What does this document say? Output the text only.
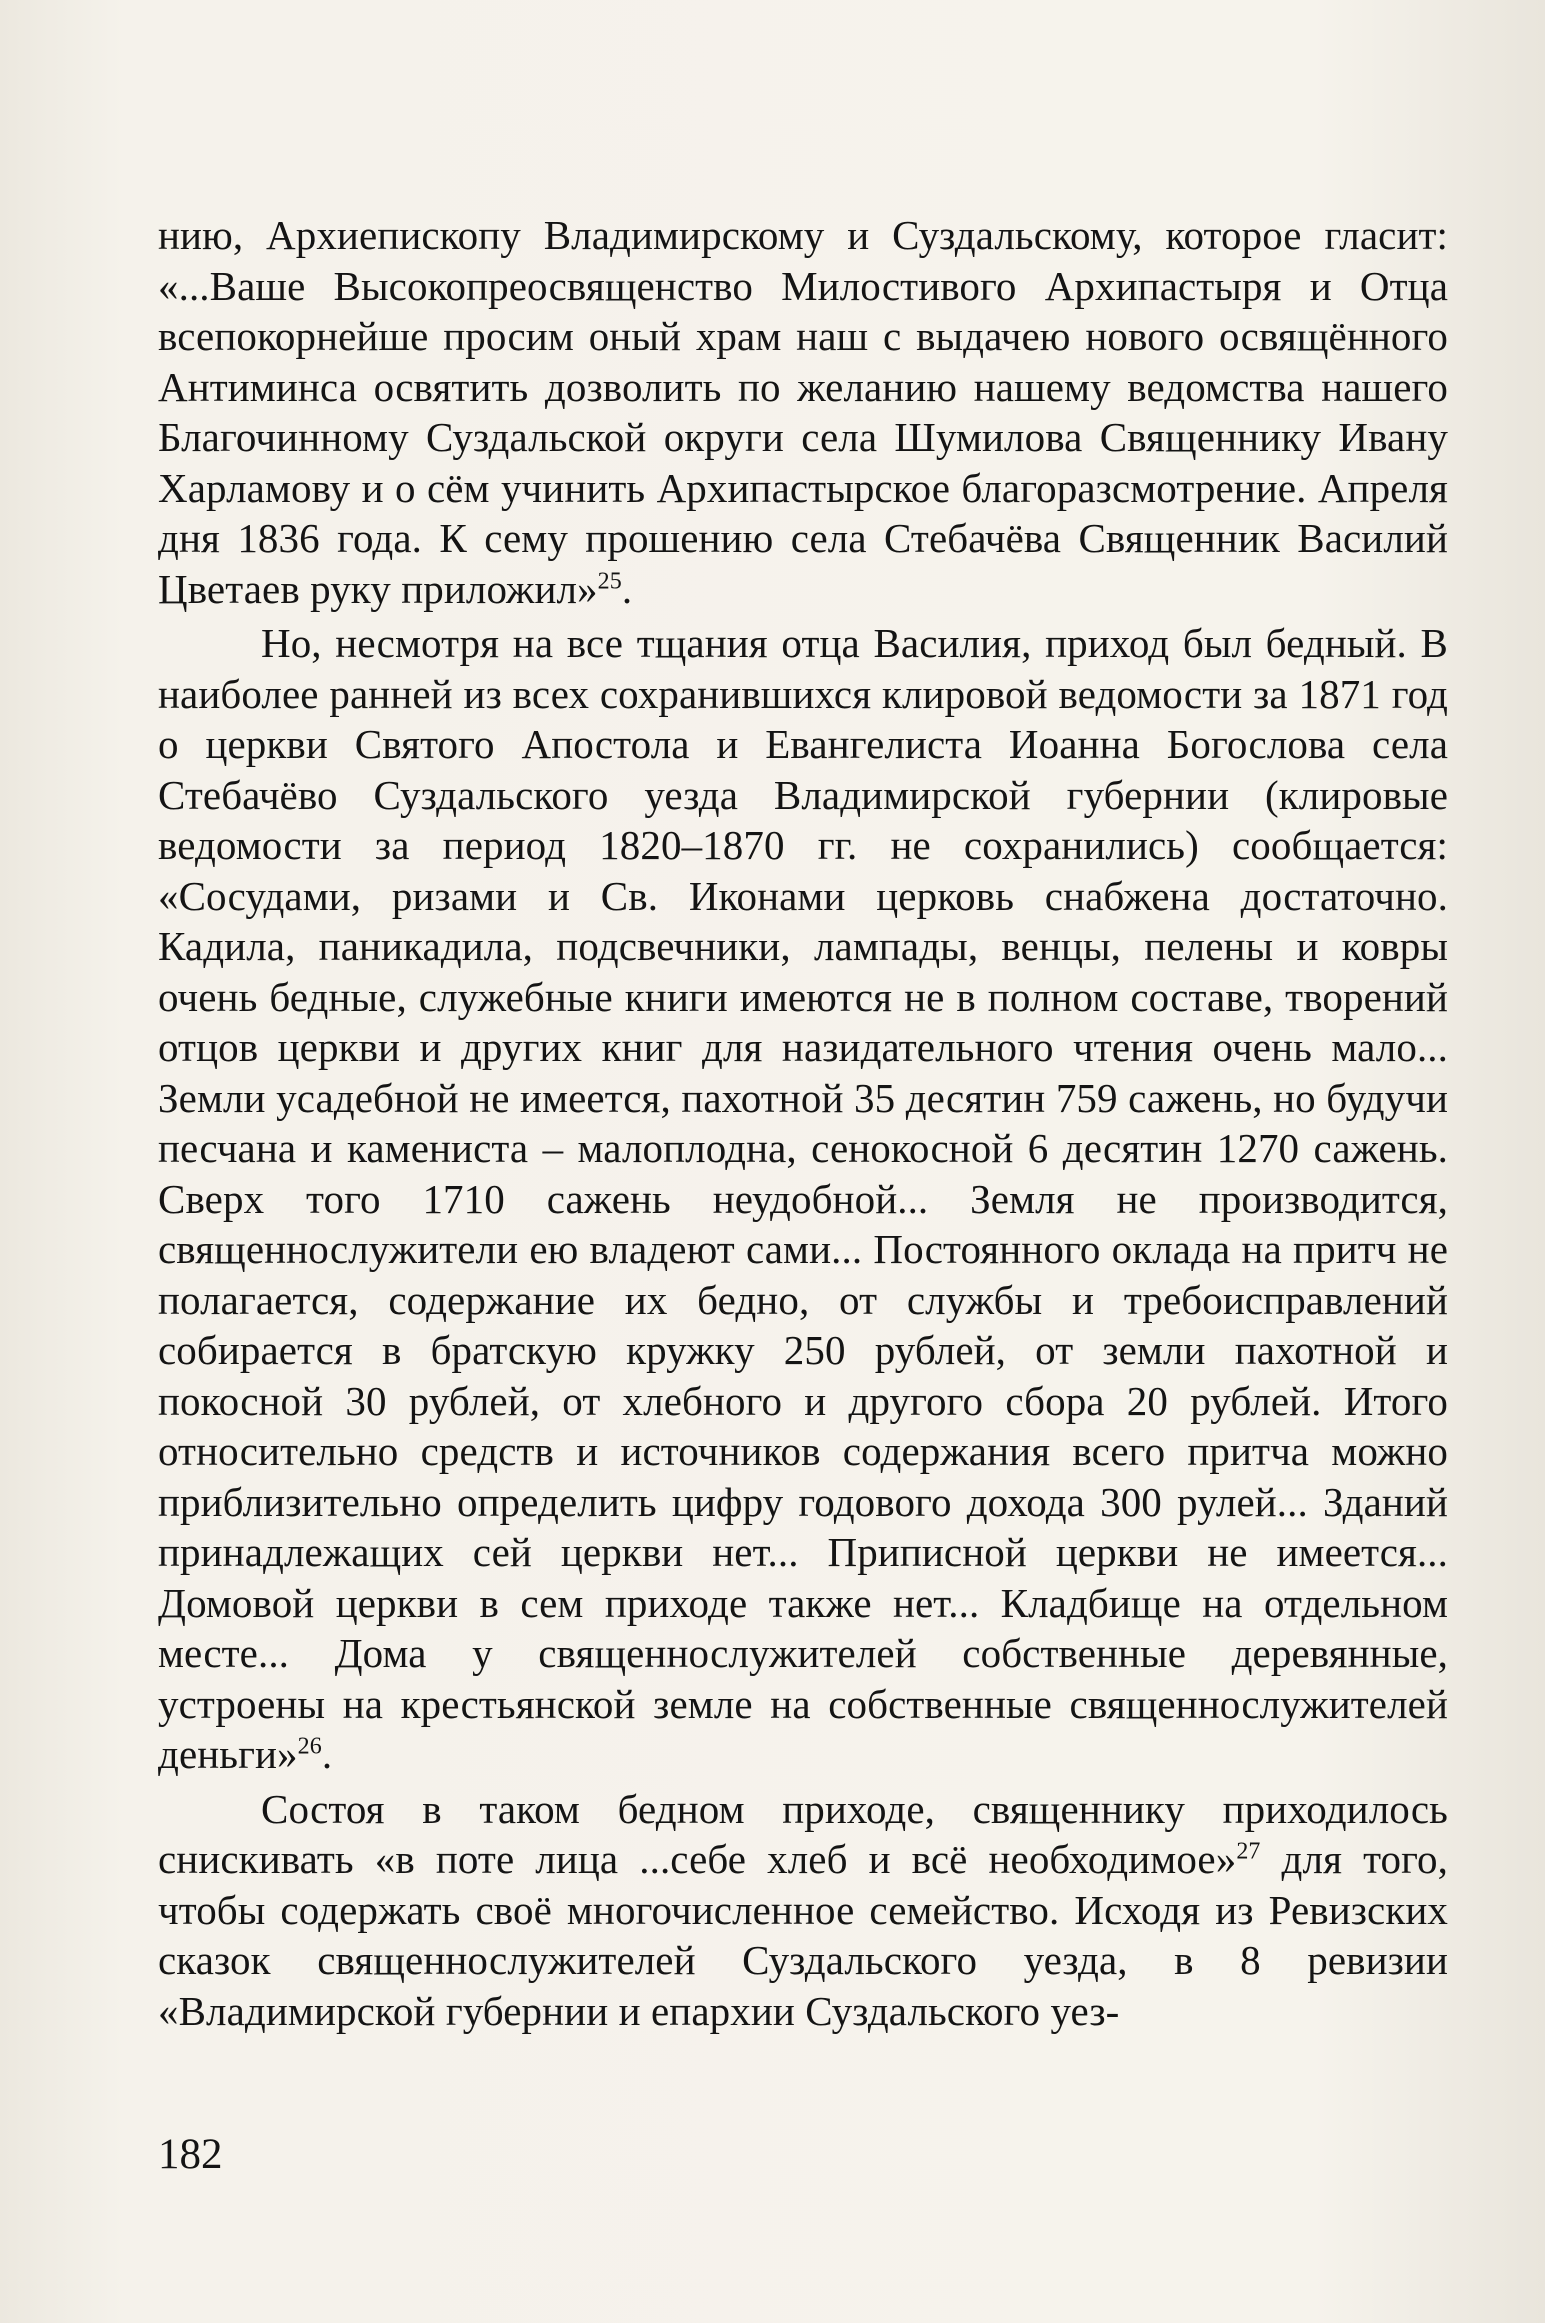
нию, Архиепископу Владимирскому и Суздальскому, которое гласит: «...Ваше Высокопреосвященство Милостивого Архипастыря и Отца всепокорнейше просим оный храм наш с выдачею нового освящённого Антиминса освятить дозволить по желанию нашему ведомства нашего Благочинному Суздальской округи села Шумилова Священнику Ивану Харламову и о сём учинить Архипастырское благоразсмотрение. Апреля дня 1836 года. К сему прошению села Стебачёва Священник Василий Цветаев руку приложил»$^{25}$.

Но, несмотря на все тщания отца Василия, приход был бедный. В наиболее ранней из всех сохранившихся клировой ведомости за 1871 год о церкви Святого Апостола и Евангелиста Иоанна Богослова села Стебачёво Суздальского уезда Владимирской губернии (клировые ведомости за период 1820–1870 гг. не сохранились) сообщается: «Сосудами, ризами и Св. Иконами церковь снабжена достаточно. Кадила, паникадила, подсвечники, лампады, венцы, пелены и ковры очень бедные, служебные книги имеются не в полном составе, творений отцов церкви и других книг для назидательного чтения очень мало... Земли усадебной не имеется, пахотной 35 десятин 759 сажень, но будучи песчана и камениста – малоплодна, сенокосной 6 десятин 1270 сажень. Сверх того 1710 сажень неудобной... Земля не производится, священнослужители ею владеют сами... Постоянного оклада на притч не полагается, содержание их бедно, от службы и требоисправлений собирается в братскую кружку 250 рублей, от земли пахотной и покосной 30 рублей, от хлебного и другого сбора 20 рублей. Итого относительно средств и источников содержания всего притча можно приблизительно определить цифру годового дохода 300 рулей... Зданий принадлежащих сей церкви нет... Приписной церкви не имеется... Домовой церкви в сем приходе также нет... Кладбище на отдельном месте... Дома у священнослужителей собственные деревянные, устроены на крестьянской земле на собственные священнослужителей деньги»$^{26}$.

Состоя в таком бедном приходе, священнику приходилось снискивать «в поте лица ...себе хлеб и всё необходимое»$^{27}$ для того, чтобы содержать своё многочисленное семейство. Исходя из Ревизских сказок священнослужителей Суздальского уезда, в 8 ревизии «Владимирской губернии и епархии Суздальского уез-

182
